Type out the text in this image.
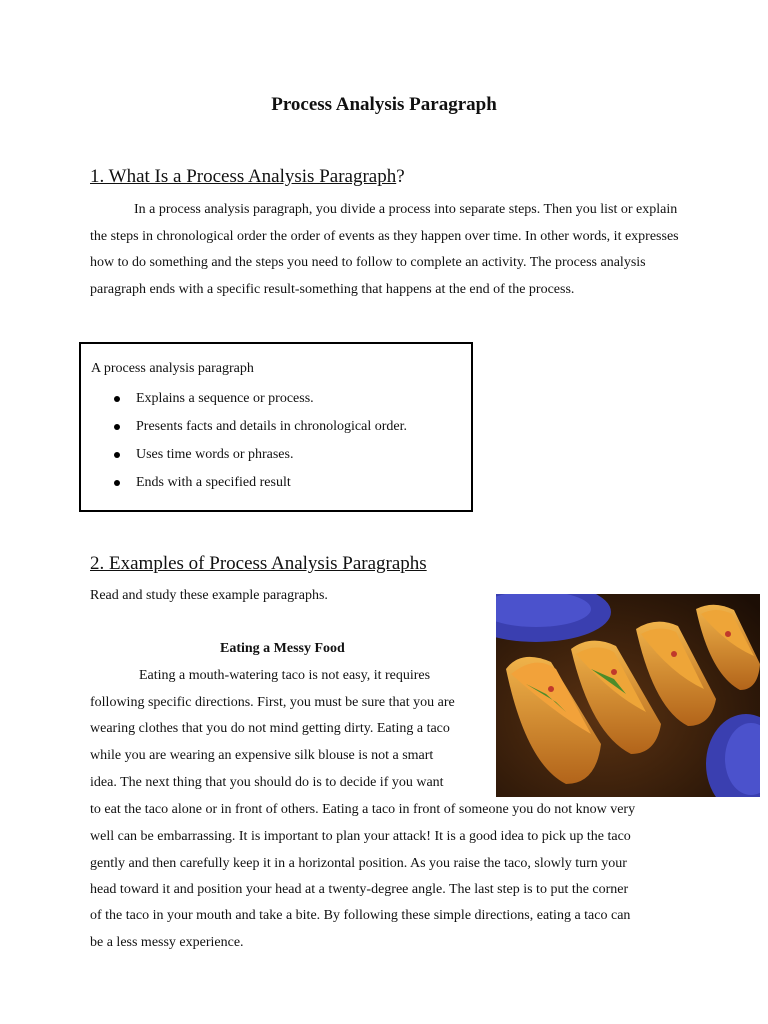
Process Analysis Paragraph
1. What Is a Process Analysis Paragraph?

In a process analysis paragraph, you divide a process into separate steps. Then you list or explain the steps in chronological order the order of events as they happen over time. In other words, it expresses how to do something and the steps you need to follow to complete an activity. The process analysis paragraph ends with a specific result-something that happens at the end of the process.

A process analysis paragraph
Explains a sequence or process.
Presents facts and details in chronological order.
Uses time words or phrases.
Ends with a specified result
2. Examples of Process Analysis Paragraphs
Read and study these example paragraphs.
Eating a Messy Food
Eating a mouth-watering taco is not easy, it requires
following specific directions. First, you must be sure that you are
wearing clothes that you do not mind getting dirty. Eating a taco
while you are wearing an expensive silk blouse is not a smart
idea. The next thing that you should do is to decide if you want
to eat the taco alone or in front of others. Eating a taco in front of someone you do not know very
well can be embarrassing. It is important to plan your attack! It is a good idea to pick up the taco
gently and then carefully keep it in a horizontal position. As you raise the taco, slowly turn your
head toward it and position your head at a twenty-degree angle. The last step is to put the corner
of the taco in your mouth and take a bite. By following these simple directions, eating a taco can
be a less messy experience.
